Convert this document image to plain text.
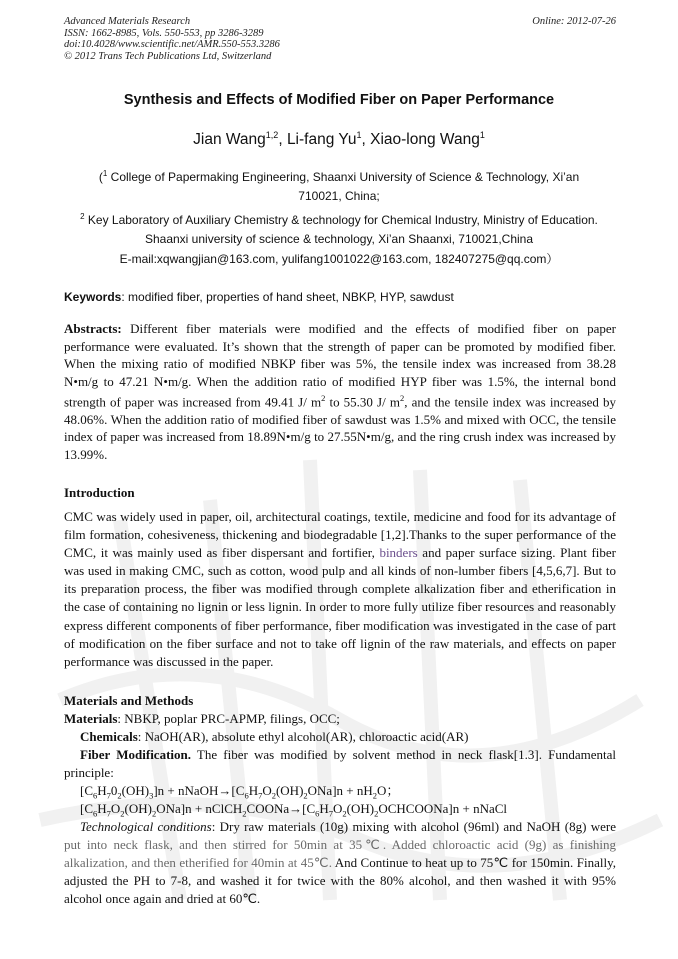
Advanced Materials Research
ISSN: 1662-8985, Vols. 550-553, pp 3286-3289
doi:10.4028/www.scientific.net/AMR.550-553.3286
© 2012 Trans Tech Publications Ltd, Switzerland
Online: 2012-07-26
Synthesis and Effects of Modified Fiber on Paper Performance
Jian Wang$^{1,2}$, Li-fang Yu$^1$, Xiao-long Wang$^1$
($^1$ College of Papermaking Engineering, Shaanxi University of Science & Technology, Xi’an
710021, China;
$^2$ Key Laboratory of Auxiliary Chemistry & technology for Chemical Industry, Ministry of Education.
Shaanxi university of science & technology, Xi’an Shaanxi, 710021,China
E-mail:xqwangjian@163.com, yulifang1001022@163.com, 182407275@qq.com）
Keywords: modified fiber, properties of hand sheet, NBKP, HYP, sawdust
Abstracts: Different fiber materials were modified and the effects of modified fiber on paper performance were evaluated. It’s shown that the strength of paper can be promoted by modified fiber. When the mixing ratio of modified NBKP fiber was 5%, the tensile index was increased from 38.28 N•m/g to 47.21 N•m/g. When the addition ratio of modified HYP fiber was 1.5%, the internal bond strength of paper was increased from 49.41 J/ $m^2$ to 55.30 J/ $m^2$, and the tensile index was increased by 48.06%. When the addition ratio of modified fiber of sawdust was 1.5% and mixed with OCC, the tensile index of paper was increased from 18.89N•m/g to 27.55N•m/g, and the ring crush index was increased by 13.99%.
Introduction
CMC was widely used in paper, oil, architectural coatings, textile, medicine and food for its advantage of film formation, cohesiveness, thickening and biodegradable [1,2].Thanks to the super performance of the CMC, it was mainly used as fiber dispersant and fortifier, binders and paper surface sizing. Plant fiber was used in making CMC, such as cotton, wood pulp and all kinds of non-lumber fibers [4,5,6,7]. But to its preparation process, the fiber was modified through complete alkalization fiber and etherification in the case of containing no lignin or less lignin. In order to more fully utilize fiber resources and reasonably express different components of fiber performance, fiber modification was investigated in the case of part of modification on the fiber surface and not to take off lignin of the raw materials, and effects on paper performance was discussed in the paper.
Materials and Methods
Materials: NBKP, poplar PRC-APMP, filings, OCC;
Chemicals: NaOH(AR), absolute ethyl alcohol(AR), chloroactic acid(AR)
Fiber Modification. The fiber was modified by solvent method in neck flask[1.3]. Fundamental principle:
$[C_6H_70_2(OH)_3]n$ + $nNaOH\to[C_6H_7O_2(OH)_2ONa]n + nH_2O$；
$[C_6H_7O_2(OH)_2ONa]n$ + $nClCH_2COONa\to[C_6H_7O_2(OH)_2OCHCOONa]n$ + nNaCl
Technological conditions: Dry raw materials (10g) mixing with alcohol (96ml) and NaOH (8g) were put into neck flask, and then stirred for 50min at 35℃. Added chloroactic acid (9g) as finishing alkalization, and then etherified for 40min at 45℃. And Continue to heat up to 75℃ for 150min. Finally, adjusted the PH to 7-8, and washed it for twice with the 80% alcohol, and then washed it with 95% alcohol once again and dried at 60℃.
